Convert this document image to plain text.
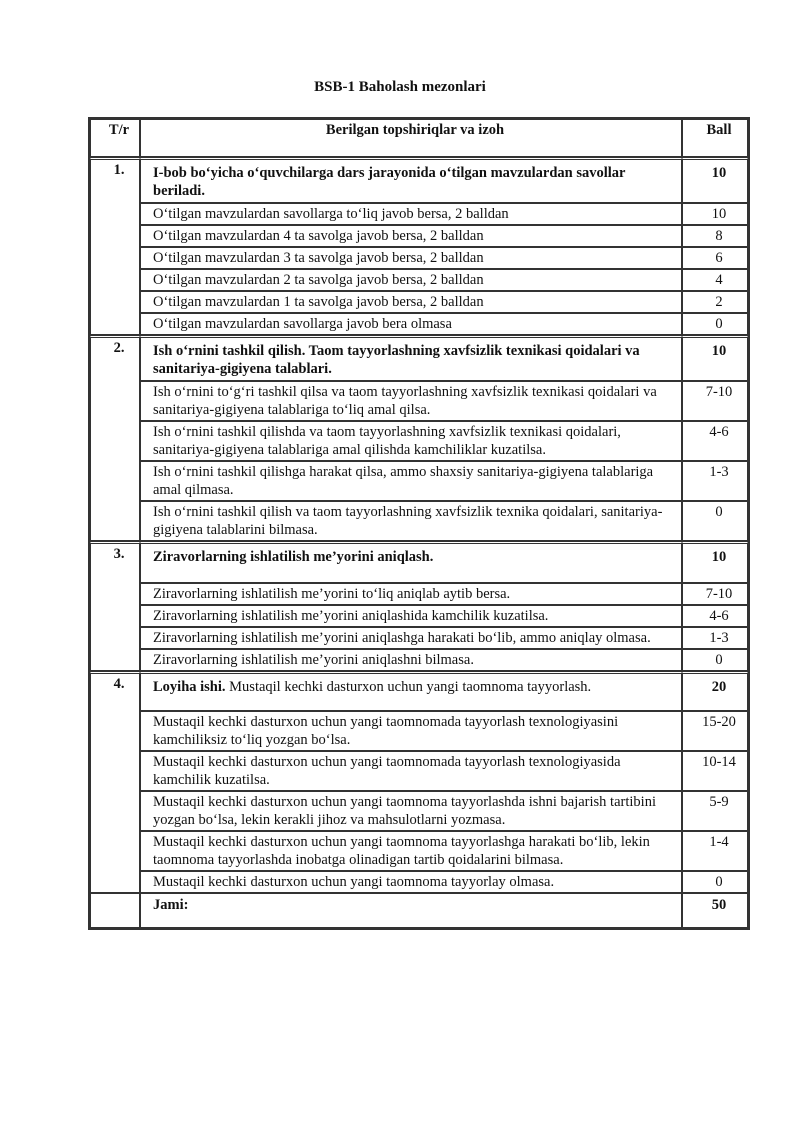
BSB-1 Baholash mezonlari
T/r	Berilgan topshiriqlar va izoh	Ball
1.	I-bob bo‘yicha o‘quvchilarga dars jarayonida o‘tilgan mavzulardan savollar beriladi.	10
	O‘tilgan mavzulardan savollarga to‘liq javob bersa, 2 balldan	10
	O‘tilgan mavzulardan 4 ta savolga javob bersa, 2 balldan	8
	O‘tilgan mavzulardan 3 ta savolga javob bersa, 2 balldan	6
	O‘tilgan mavzulardan 2 ta savolga javob bersa, 2 balldan	4
	O‘tilgan mavzulardan 1 ta savolga javob bersa, 2 balldan	2
	O‘tilgan mavzulardan savollarga javob bera olmasa	0
2.	Ish o‘rnini tashkil qilish. Taom tayyorlashning xavfsizlik texnikasi qoidalari va sanitariya-gigiyena talablari.	10
	Ish o‘rnini to‘g‘ri tashkil qilsa va taom tayyorlashning xavfsizlik texnikasi qoidalari va sanitariya-gigiyena talablariga to‘liq amal qilsa.	7-10
	Ish o‘rnini tashkil qilishda va taom tayyorlashning xavfsizlik texnikasi qoidalari, sanitariya-gigiyena talablariga amal qilishda kamchiliklar kuzatilsa.	4-6
	Ish o‘rnini tashkil qilishga harakat qilsa, ammo shaxsiy sanitariya-gigiyena talablariga amal qilmasa.	1-3
	Ish o‘rnini tashkil qilish va taom tayyorlashning xavfsizlik texnika qoidalari, sanitariya-gigiyena talablarini bilmasa.	0
3.	Ziravorlarning ishlatilish me’yorini aniqlash.	10
	Ziravorlarning ishlatilish me’yorini to‘liq aniqlab aytib bersa.	7-10
	Ziravorlarning ishlatilish me’yorini aniqlashida kamchilik kuzatilsa.	4-6
	Ziravorlarning ishlatilish me’yorini aniqlashga harakati bo‘lib, ammo aniqlay olmasa.	1-3
	Ziravorlarning ishlatilish me’yorini aniqlashni bilmasa.	0
4.	Loyiha ishi. Mustaqil kechki dasturxon uchun yangi taomnoma tayyorlash.	20
	Mustaqil kechki dasturxon uchun yangi taomnomada tayyorlash texnologiyasini kamchiliksiz to‘liq yozgan bo‘lsa.	15-20
	Mustaqil kechki dasturxon uchun yangi taomnomada tayyorlash texnologiyasida kamchilik kuzatilsa.	10-14
	Mustaqil kechki dasturxon uchun yangi taomnoma tayyorlashda ishni bajarish tartibini yozgan bo‘lsa, lekin kerakli jihoz va mahsulotlarni yozmasa.	5-9
	Mustaqil kechki dasturxon uchun yangi taomnoma tayyorlashga harakati bo‘lib, lekin taomnoma tayyorlashda inobatga olinadigan tartib qoidalarini bilmasa.	1-4
	Mustaqil kechki dasturxon uchun yangi taomnoma tayyorlay olmasa.	0
	Jami:	50
